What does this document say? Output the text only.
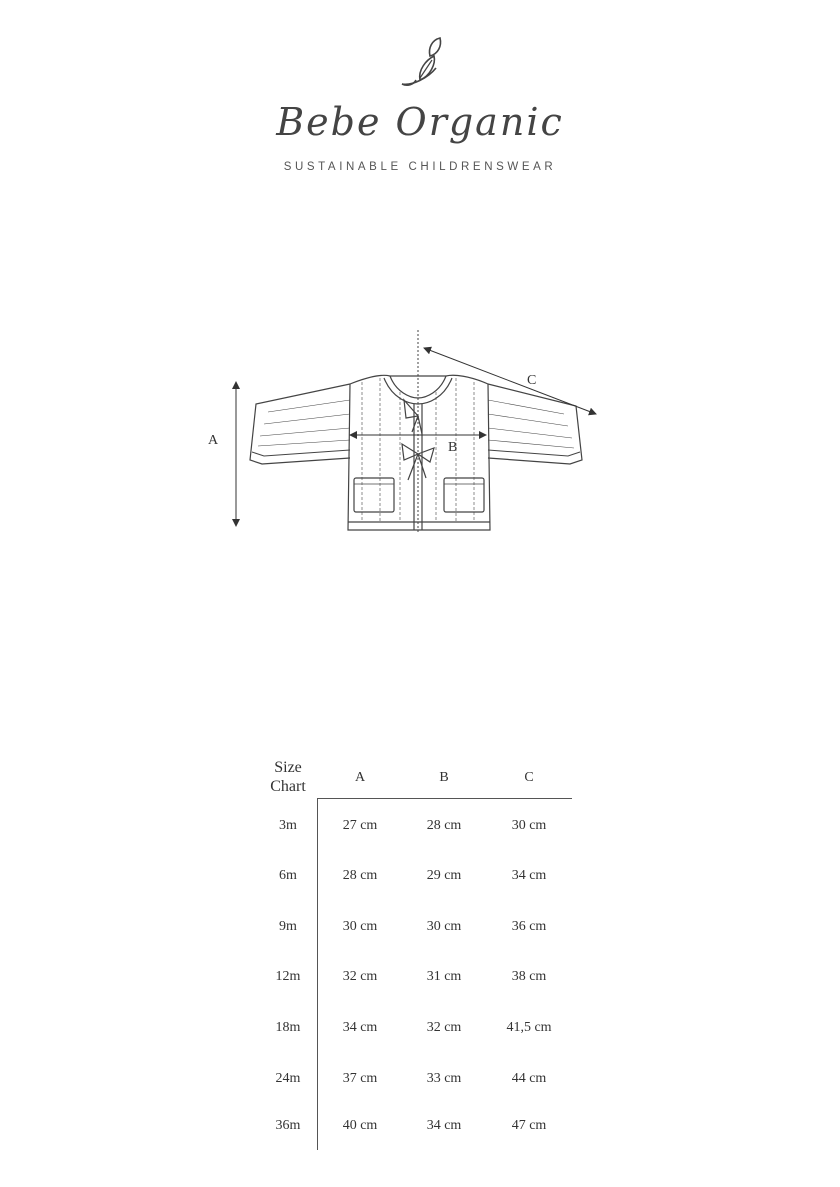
Bebe Organic
SUSTAINABLE CHILDRENSWEAR
A	B
C
Size
Chart
A	B	C
3m	27 cm	28 cm	30 cm
6m	28 cm	29 cm	34 cm
9m	30 cm	30 cm	36 cm
12m	32 cm	31 cm	38 cm
18m	34 cm	32 cm	41,5 cm
24m	37 cm	33 cm	44 cm
36m	40 cm	34 cm	47 cm
